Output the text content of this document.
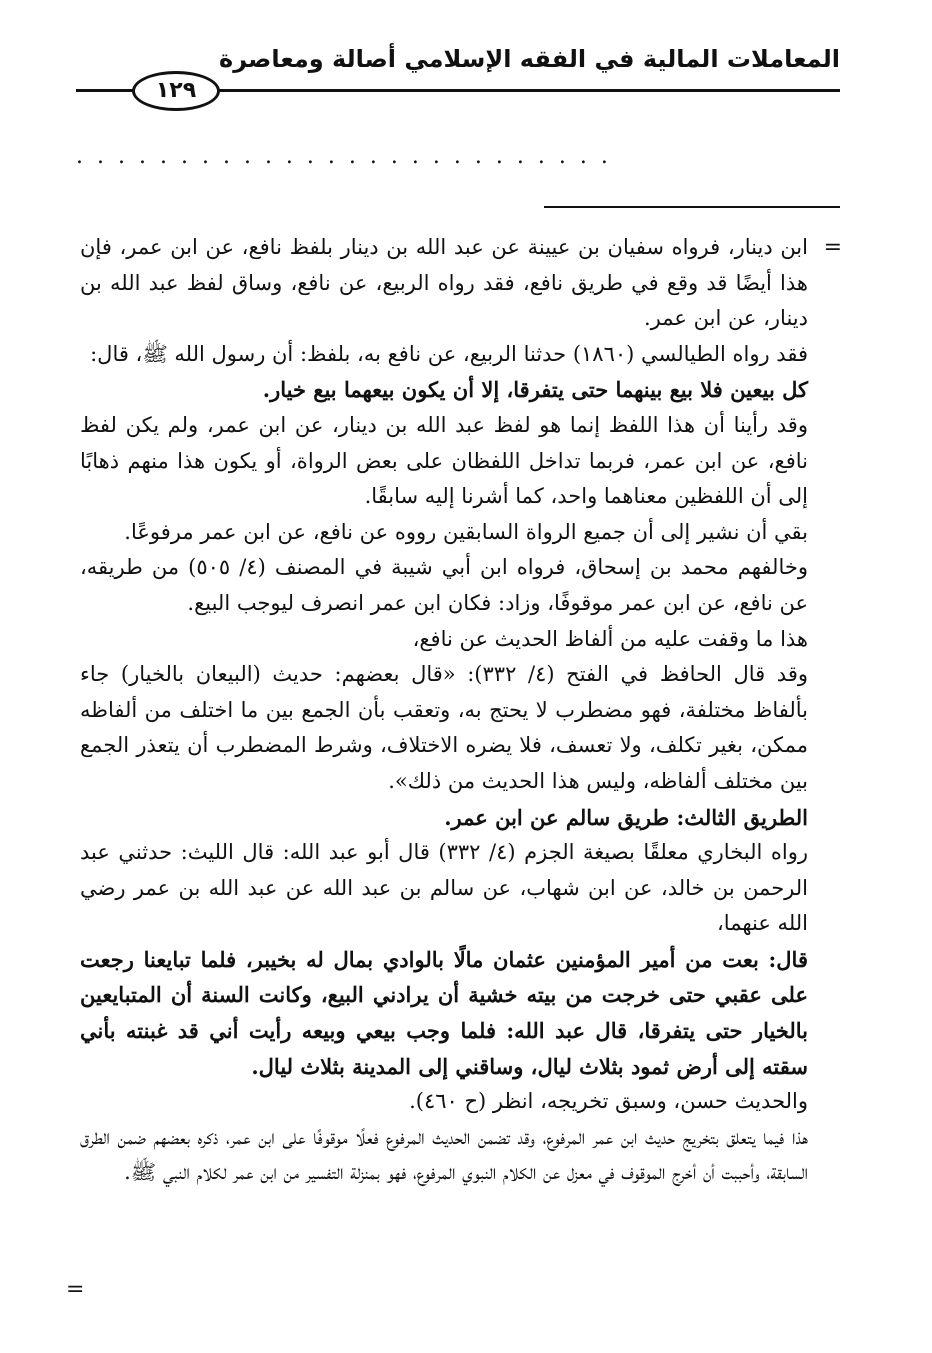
المعاملات المالية في الفقه الإسلامي أصالة ومعاصرة
١٢٩
..........................
=
=

ابن دينار، فرواه سفيان بن عيينة عن عبد الله بن دينار بلفظ نافع، عن ابن عمر، فإن هذا أيضًا قد وقع في طريق نافع، فقد رواه الربيع، عن نافع، وساق لفظ عبد الله بن دينار، عن ابن عمر.

فقد رواه الطيالسي (١٨٦٠) حدثنا الربيع، عن نافع به، بلفظ: أن رسول الله ﷺ، قال:

كل بيعين فلا بيع بينهما حتى يتفرقا، إلا أن يكون بيعهما بيع خيار.

وقد رأينا أن هذا اللفظ إنما هو لفظ عبد الله بن دينار، عن ابن عمر، ولم يكن لفظ نافع، عن ابن عمر، فربما تداخل اللفظان على بعض الرواة، أو يكون هذا منهم ذهابًا إلى أن اللفظين معناهما واحد، كما أشرنا إليه سابقًا.

بقي أن نشير إلى أن جميع الرواة السابقين رووه عن نافع، عن ابن عمر مرفوعًا.

وخالفهم محمد بن إسحاق، فرواه ابن أبي شيبة في المصنف (٤/ ٥٠٥) من طريقه، عن نافع، عن ابن عمر موقوفًا، وزاد: فكان ابن عمر انصرف ليوجب البيع.

هذا ما وقفت عليه من ألفاظ الحديث عن نافع،

وقد قال الحافظ في الفتح (٤/ ٣٣٢): «قال بعضهم: حديث (البيعان بالخيار) جاء بألفاظ مختلفة، فهو مضطرب لا يحتج به، وتعقب بأن الجمع بين ما اختلف من ألفاظه ممكن، بغير تكلف، ولا تعسف، فلا يضره الاختلاف، وشرط المضطرب أن يتعذر الجمع بين مختلف ألفاظه، وليس هذا الحديث من ذلك».

الطريق الثالث: طريق سالم عن ابن عمر.

رواه البخاري معلقًا بصيغة الجزم (٤/ ٣٣٢) قال أبو عبد الله: قال الليث: حدثني عبد الرحمن بن خالد، عن ابن شهاب، عن سالم بن عبد الله عن عبد الله بن عمر رضي الله عنهما،

قال: بعت من أمير المؤمنين عثمان مالًا بالوادي بمال له بخيبر، فلما تبايعنا رجعت على عقبي حتى خرجت من بيته خشية أن يرادني البيع، وكانت السنة أن المتبايعين بالخيار حتى يتفرقا، قال عبد الله: فلما وجب بيعي وبيعه رأيت أني قد غبنته بأني سقته إلى أرض ثمود بثلاث ليال، وساقني إلى المدينة بثلاث ليال.

والحديث حسن، وسبق تخريجه، انظر (ح ٤٦٠).

هذا فيما يتعلق بتخريج حديث ابن عمر المرفوع، وقد تضمن الحديث المرفوع فعلًا موقوفًا على ابن عمر، ذكره بعضهم ضمن الطرق السابقة، وأحببت أن أخرج الموقوف في معزل عن الكلام النبوي المرفوع، فهو بمنزلة التفسير من ابن عمر لكلام النبي ﷺ.
